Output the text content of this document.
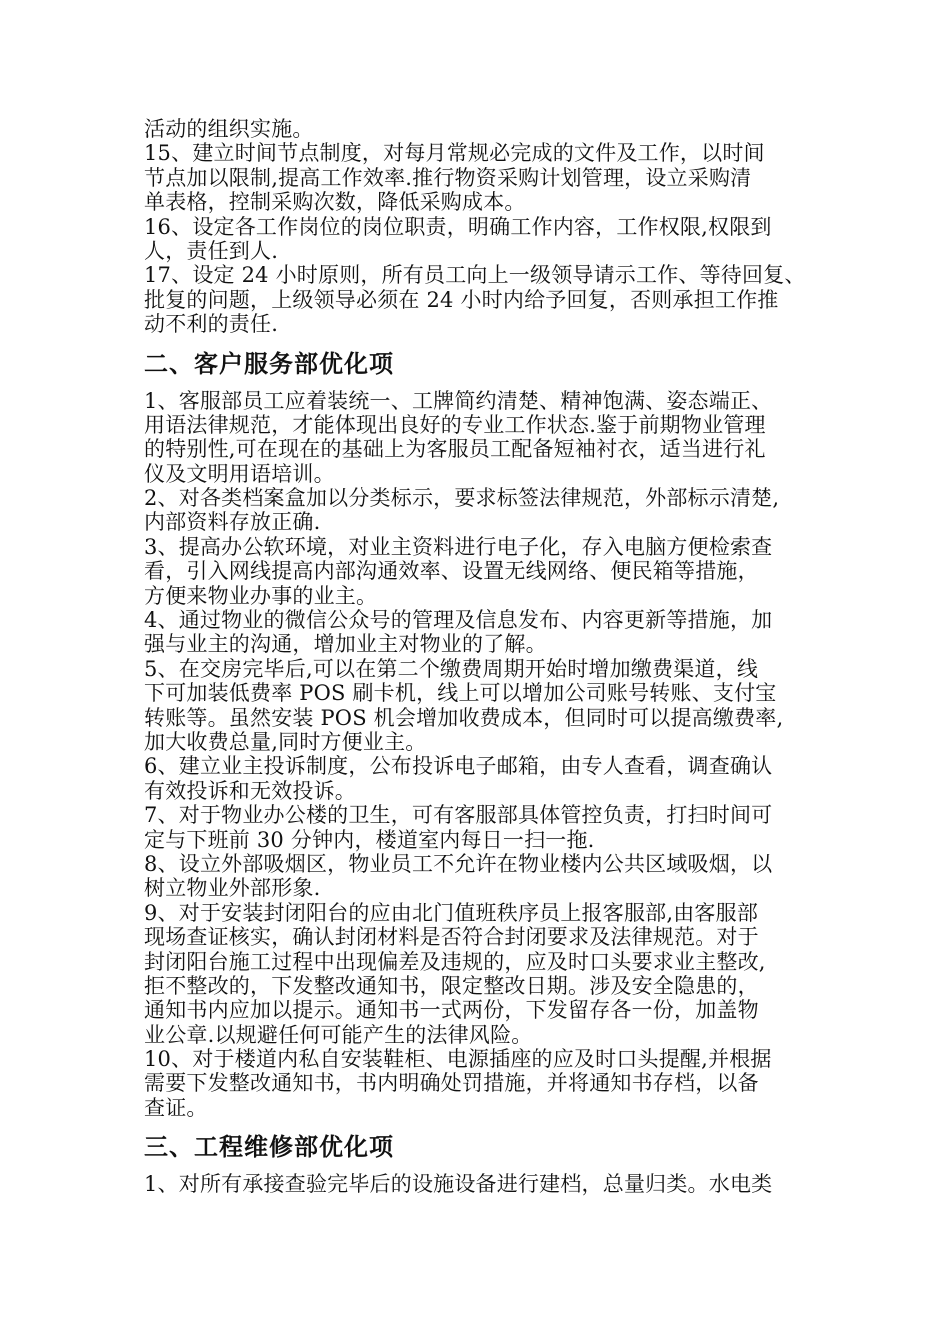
活动的组织实施。
15、建立时间节点制度，对每月常规必完成的文件及工作，以时间
节点加以限制,提高工作效率.推行物资采购计划管理，设立采购清
单表格，控制采购次数，降低采购成本。
16、设定各工作岗位的岗位职责，明确工作内容，工作权限,权限到
人，责任到人.
17、设定 24 小时原则，所有员工向上一级领导请示工作、等待回复、
批复的问题，上级领导必须在 24 小时内给予回复，否则承担工作推
动不利的责任.
二、客户服务部优化项
1、客服部员工应着装统一、工牌简约清楚、精神饱满、姿态端正、
用语法律规范，才能体现出良好的专业工作状态.鉴于前期物业管理
的特别性,可在现在的基础上为客服员工配备短袖衬衣，适当进行礼
仪及文明用语培训。
2、对各类档案盒加以分类标示，要求标签法律规范，外部标示清楚,
内部资料存放正确.
3、提高办公软环境，对业主资料进行电子化，存入电脑方便检索查
看，引入网线提高内部沟通效率、设置无线网络、便民箱等措施，
方便来物业办事的业主。
4、通过物业的微信公众号的管理及信息发布、内容更新等措施，加
强与业主的沟通，增加业主对物业的了解。
5、在交房完毕后,可以在第二个缴费周期开始时增加缴费渠道，线
下可加装低费率 POS 刷卡机，线上可以增加公司账号转账、支付宝
转账等。虽然安装 POS 机会增加收费成本，但同时可以提高缴费率,
加大收费总量,同时方便业主。
6、建立业主投诉制度，公布投诉电子邮箱，由专人查看，调查确认
有效投诉和无效投诉。
7、对于物业办公楼的卫生，可有客服部具体管控负责，打扫时间可
定与下班前 30 分钟内，楼道室内每日一扫一拖.
8、设立外部吸烟区，物业员工不允许在物业楼内公共区域吸烟，以
树立物业外部形象.
9、对于安装封闭阳台的应由北门值班秩序员上报客服部,由客服部
现场查证核实，确认封闭材料是否符合封闭要求及法律规范。对于
封闭阳台施工过程中出现偏差及违规的，应及时口头要求业主整改,
拒不整改的，下发整改通知书，限定整改日期。涉及安全隐患的，
通知书内应加以提示。通知书一式两份，下发留存各一份，加盖物
业公章.以规避任何可能产生的法律风险。
10、对于楼道内私自安装鞋柜、电源插座的应及时口头提醒,并根据
需要下发整改通知书，书内明确处罚措施，并将通知书存档，以备
查证。
三、工程维修部优化项
1、对所有承接查验完毕后的设施设备进行建档，总量归类。水电类
